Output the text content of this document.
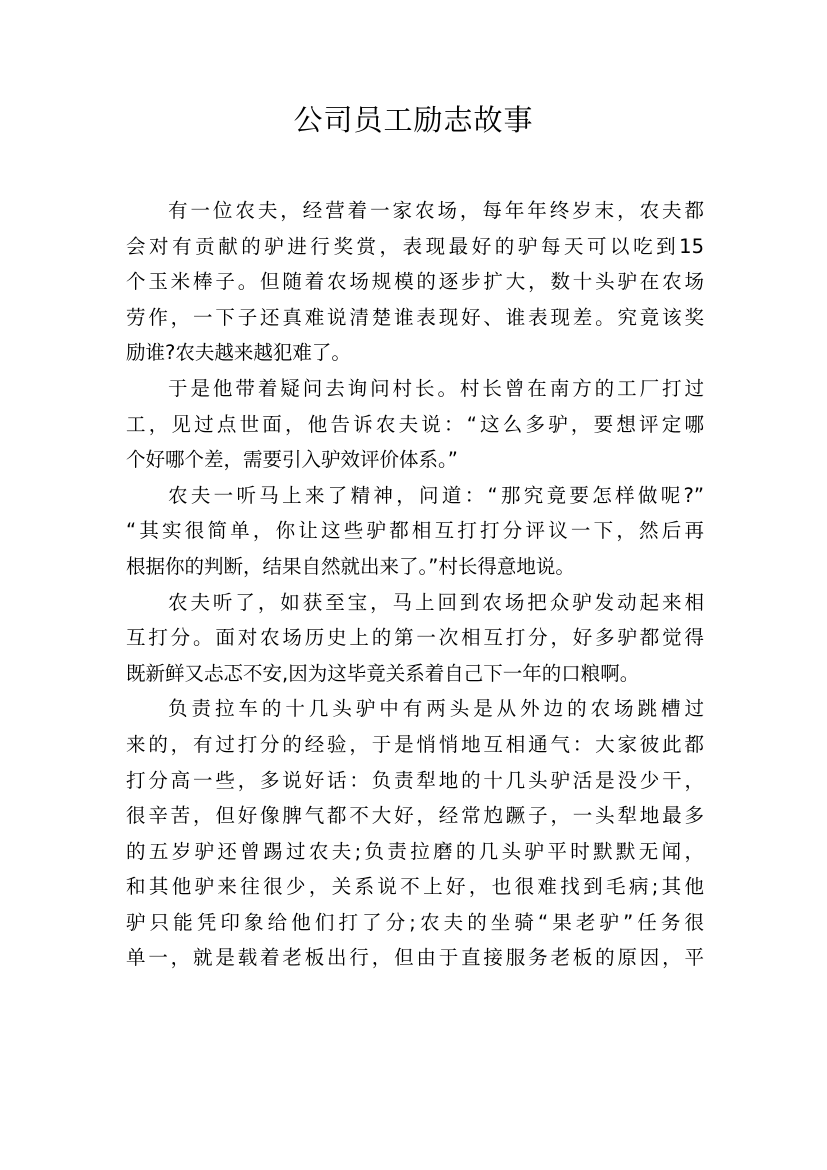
公司员工励志故事
有一位农夫，经营着一家农场，每年年终岁末，农夫都
会对有贡献的驴进行奖赏，表现最好的驴每天可以吃到15
个玉米棒子。但随着农场规模的逐步扩大，数十头驴在农场
劳作，一下子还真难说清楚谁表现好、谁表现差。究竟该奖
励谁?农夫越来越犯难了。
于是他带着疑问去询问村长。村长曾在南方的工厂打过
工，见过点世面，他告诉农夫说：“这么多驴，要想评定哪
个好哪个差，需要引入驴效评价体系。”
农夫一听马上来了精神，问道：“那究竟要怎样做呢?”
“其实很简单，你让这些驴都相互打打分评议一下，然后再
根据你的判断，结果自然就出来了。”村长得意地说。
农夫听了，如获至宝，马上回到农场把众驴发动起来相
互打分。面对农场历史上的第一次相互打分，好多驴都觉得
既新鲜又忐忑不安,因为这毕竟关系着自己下一年的口粮啊。
负责拉车的十几头驴中有两头是从外边的农场跳槽过
来的，有过打分的经验，于是悄悄地互相通气：大家彼此都
打分高一些，多说好话：负责犁地的十几头驴活是没少干，
很辛苦，但好像脾气都不大好，经常尥蹶子，一头犁地最多
的五岁驴还曾踢过农夫;负责拉磨的几头驴平时默默无闻，
和其他驴来往很少，关系说不上好，也很难找到毛病;其他
驴只能凭印象给他们打了分;农夫的坐骑“果老驴”任务很
单一，就是载着老板出行，但由于直接服务老板的原因，平
